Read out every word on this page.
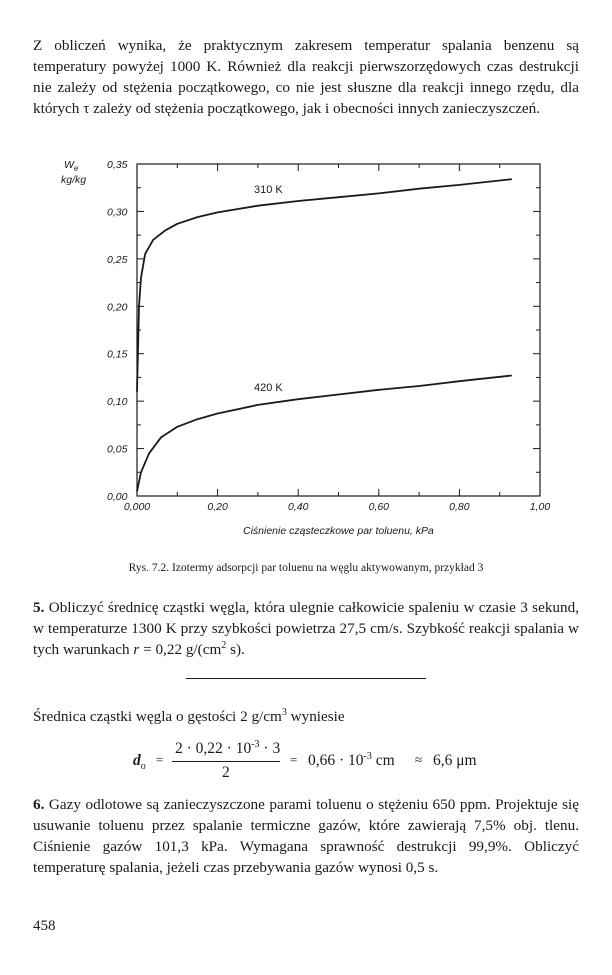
Z obliczeń wynika, że praktycznym zakresem temperatur spalania benzenu są temperatury powyżej 1000 K. Również dla reakcji pierwszorzędowych czas destrukcji nie zależy od stężenia początkowego, co nie jest słuszne dla reakcji innego rzędu, dla których τ zależy od stężenia początkowego, jak i obecności innych zanieczyszczeń.

$W_e$
kg/kg
0,00
0,05
0,10
0,15
0,20
0,25
0,30
0,35
0,000	0,20	0,40	0,60	0,80	1,00
310 K
420 K
Ciśnienie cząsteczkowe par toluenu, kPa

Rys. 7.2. Izotermy adsorpcji par toluenu na węglu aktywowanym, przykład 3

5. Obliczyć średnicę cząstki węgla, która ulegnie całkowicie spaleniu w czasie 3 sekund, w temperaturze 1300 K przy szybkości powietrza 27,5 cm/s. Szybkość reakcji spalania w tych warunkach r = 0,22 $g/(cm^2$ s).

Średnica cząstki węgla o gęstości 2 $g/cm^3$ wyniesie

$d_o$ =
$2 \cdot 0,22 \cdot 10^{-3} \cdot 3$
2
= $0,66 \cdot 10^{-3}$ cm ≈ 6,6 μm

6. Gazy odlotowe są zanieczyszczone parami toluenu o stężeniu 650 ppm. Projektuje się usuwanie toluenu przez spalanie termiczne gazów, które zawierają 7,5% obj. tlenu. Ciśnienie gazów 101,3 kPa. Wymagana sprawność destrukcji 99,9%. Obliczyć temperaturę spalania, jeżeli czas przebywania gazów wynosi 0,5 s.

458
